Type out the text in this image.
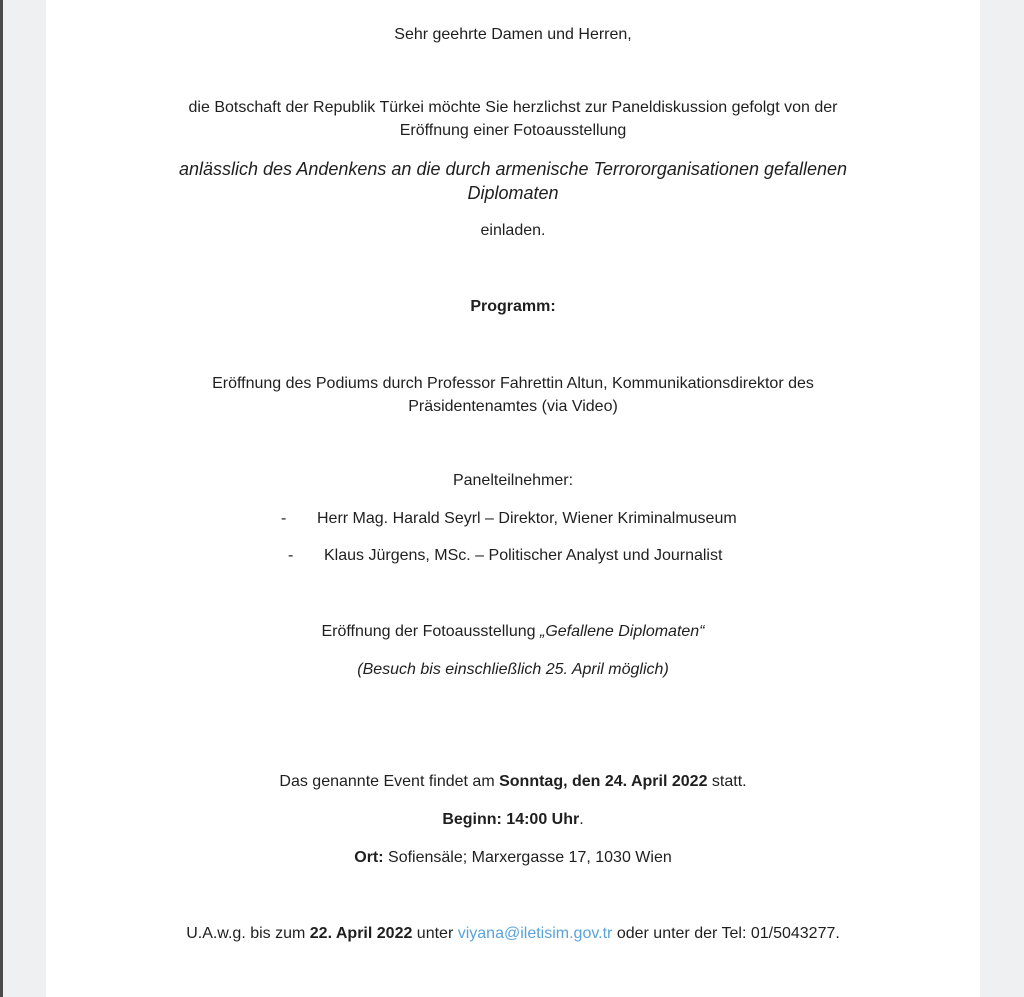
Sehr geehrte Damen und Herren,

die Botschaft der Republik Türkei möchte Sie herzlichst zur Paneldiskussion gefolgt von der

Eröffnung einer Fotoausstellung

anlässlich des Andenkens an die durch armenische Terrororganisationen gefallenen

Diplomaten

einladen.

Programm:

Eröffnung des Podiums durch Professor Fahrettin Altun, Kommunikationsdirektor des

Präsidentenamtes (via Video)

Panelteilnehmer:

- Herr Mag. Harald Seyrl – Direktor, Wiener Kriminalmuseum
- Klaus Jürgens, MSc. – Politischer Analyst und Journalist

Eröffnung der Fotoausstellung „Gefallene Diplomaten“

(Besuch bis einschließlich 25. April möglich)

Das genannte Event findet am Sonntag, den 24. April 2022 statt.

Beginn: 14:00 Uhr.

Ort: Sofiensäle; Marxergasse 17, 1030 Wien

U.A.w.g. bis zum 22. April 2022 unter viyana@iletisim.gov.tr oder unter der Tel: 01/5043277.
